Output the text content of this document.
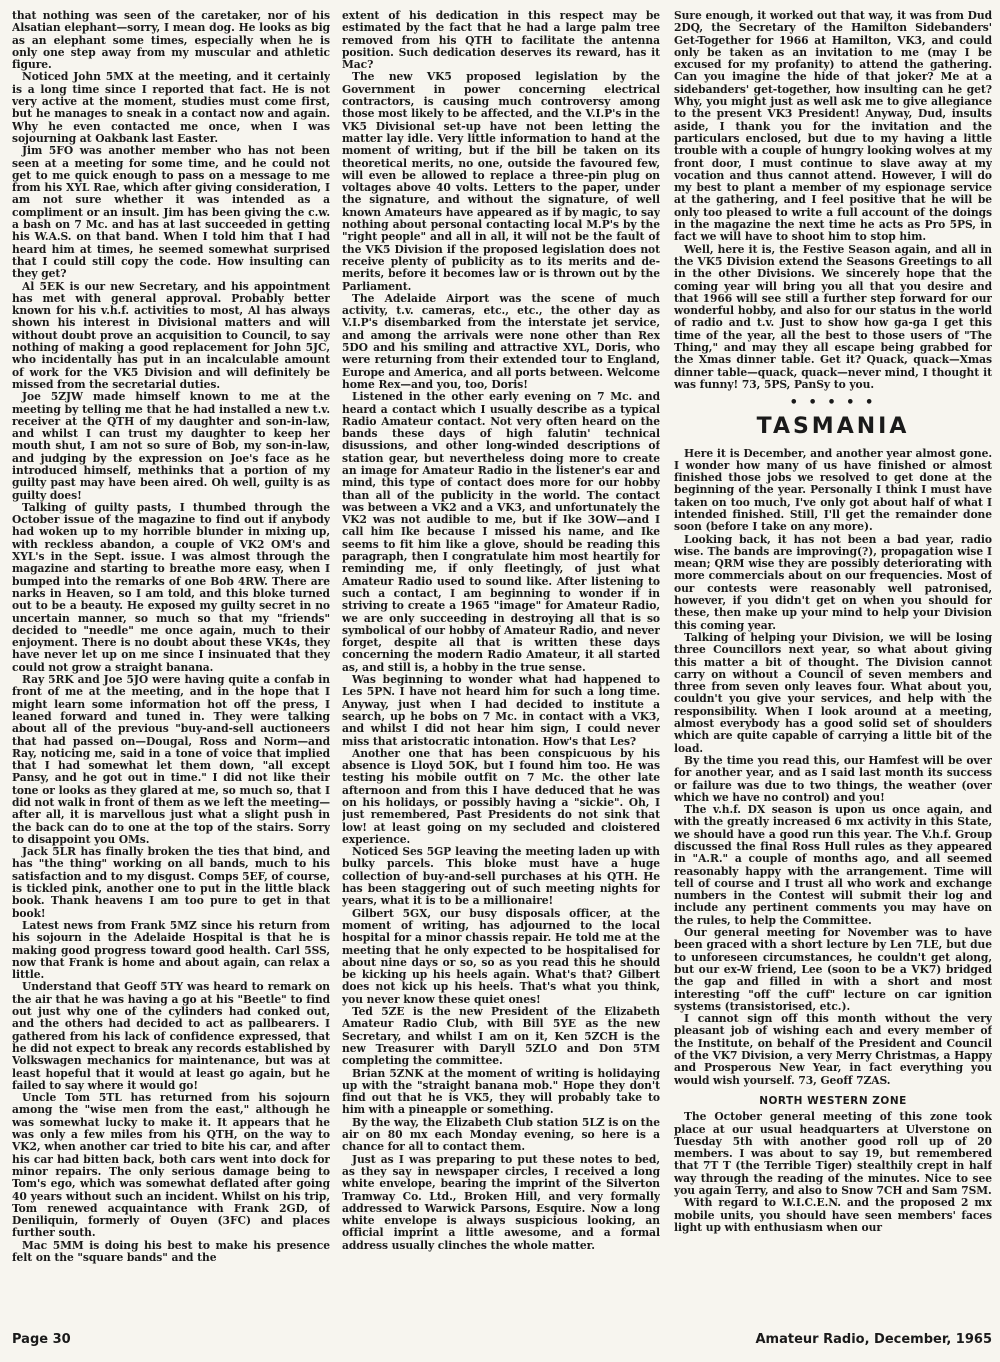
that nothing was seen of the caretaker, nor of his Alsatian elephant—sorry, I mean dog. He looks as big as an elephant some times, especially when he is only one step away from my muscular and athletic figure.

Noticed John 5MX at the meeting, and it certainly is a long time since I reported that fact. He is not very active at the moment, studies must come first, but he manages to sneak in a contact now and again. Why he even contacted me once, when I was sojourning at Oakbank last Easter.

Jim 5FO was another member who has not been seen at a meeting for some time, and he could not get to me quick enough to pass on a message to me from his XYL Rae, which after giving consideration, I am not sure whether it was intended as a compliment or an insult. Jim has been giving the c.w. a bash on 7 Mc. and has at last succeeded in getting his W.A.S. on that band. When I told him that I had heard him at times, he seemed somewhat surprised that I could still copy the code. How insulting can they get?

Al 5EK is our new Secretary, and his appointment has met with general approval. Probably better known for his v.h.f. activities to most, Al has always shown his interest in Divisional matters and will without doubt prove an acquisition to Council, to say nothing of making a good replacement for John 5JC, who incidentally has put in an incalculable amount of work for the VK5 Division and will definitely be missed from the secretarial duties.

Joe 5ZJW made himself known to me at the meeting by telling me that he had installed a new t.v. receiver at the QTH of my daughter and son-in-law, and whilst I can trust my daughter to keep her mouth shut, I am not so sure of Bob, my son-in-law, and judging by the expression on Joe's face as he introduced himself, methinks that a portion of my guilty past may have been aired. Oh well, guilty is as guilty does!

Talking of guilty pasts, I thumbed through the October issue of the magazine to find out if anybody had woken up to my horrible blunder in mixing up, with reckless abandon, a couple of VK2 OM's and XYL's in the Sept. issue. I was almost through the magazine and starting to breathe more easy, when I bumped into the remarks of one Bob 4RW. There are narks in Heaven, so I am told, and this bloke turned out to be a beauty. He exposed my guilty secret in no uncertain manner, so much so that my "friends" decided to "needle" me once again, much to their enjoyment. There is no doubt about these VK4s, they have never let up on me since I insinuated that they could not grow a straight banana.

Ray 5RK and Joe 5JO were having quite a confab in front of me at the meeting, and in the hope that I might learn some information hot off the press, I leaned forward and tuned in. They were talking about all of the previous "buy-and-sell auctioneers that had passed on—Dougal, Ross and Norm—and Ray, noticing me, said in a tone of voice that implied that I had somewhat let them down, "all except Pansy, and he got out in time." I did not like their tone or looks as they glared at me, so much so, that I did not walk in front of them as we left the meeting—after all, it is marvellous just what a slight push in the back can do to one at the top of the stairs. Sorry to disappoint you OMs.

Jack 5LR has finally broken the ties that bind, and has "the thing" working on all bands, much to his satisfaction and to my disgust. Comps 5EF, of course, is tickled pink, another one to put in the little black book. Thank heavens I am too pure to get in that book!

Latest news from Frank 5MZ since his return from his sojourn in the Adelaide Hospital is that he is making good progress toward good health. Carl 5SS, now that Frank is home and about again, can relax a little.

Understand that Geoff 5TY was heard to remark on the air that he was having a go at his "Beetle" to find out just why one of the cylinders had conked out, and the others had decided to act as pallbearers. I gathered from his lack of confidence expressed, that he did not expect to break any records established by Volkswagen mechanics for maintenance, but was at least hopeful that it would at least go again, but he failed to say where it would go!

Uncle Tom 5TL has returned from his sojourn among the "wise men from the east," although he was somewhat lucky to make it. It appears that he was only a few miles from his QTH, on the way to VK2, when another car tried to bite his car, and after his car had bitten back, both cars went into dock for minor repairs. The only serious damage being to Tom's ego, which was somewhat deflated after going 40 years without such an incident. Whilst on his trip, Tom renewed acquaintance with Frank 2GD, of Deniliquin, formerly of Ouyen (3FC) and places further south.

Mac 5MM is doing his best to make his presence felt on the "square bands" and the

extent of his dedication in this respect may be estimated by the fact that he had a large palm tree removed from his QTH to facilitate the antenna position. Such dedication deserves its reward, has it Mac?

The new VK5 proposed legislation by the Government in power concerning electrical contractors, is causing much controversy among those most likely to be affected, and the V.I.P's in the VK5 Divisional set-up have not been letting the matter lay idle. Very little information to hand at the moment of writing, but if the bill be taken on its theoretical merits, no one, outside the favoured few, will even be allowed to replace a three-pin plug on voltages above 40 volts. Letters to the paper, under the signature, and without the signature, of well known Amateurs have appeared as if by magic, to say nothing about personal contacting local M.P's by the "right people" and all in all, it will not be the fault of the VK5 Division if the proposed legislation does not receive plenty of publicity as to its merits and de-merits, before it becomes law or is thrown out by the Parliament.

The Adelaide Airport was the scene of much activity, t.v. cameras, etc., etc., the other day as V.I.P's disembarked from the interstate jet service, and among the arrivals were none other than Rex 5DO and his smiling and attractive XYL, Doris, who were returning from their extended tour to England, Europe and America, and all ports between. Welcome home Rex—and you, too, Doris!

Listened in the other early evening on 7 Mc. and heard a contact which I usually describe as a typical Radio Amateur contact. Not very often heard on the bands these days of high falutin' technical disussions, and other long-winded descriptions of station gear, but nevertheless doing more to create an image for Amateur Radio in the listener's ear and mind, this type of contact does more for our hobby than all of the publicity in the world. The contact was between a VK2 and a VK3, and unfortunately the VK2 was not audible to me, but if Ike 3OW—and I call him Ike because I missed his name, and Ike seems to fit him like a glove, should be reading this paragraph, then I congratulate him most heartily for reminding me, if only fleetingly, of just what Amateur Radio used to sound like. After listening to such a contact, I am beginning to wonder if in striving to create a 1965 "image" for Amateur Radio, we are only succeeding in destroying all that is so symbolical of our hobby of Amateur Radio, and never forget, despite all that is written these days concerning the modern Radio Amateur, it all started as, and still is, a hobby in the true sense.

Was beginning to wonder what had happened to Les 5PN. I have not heard him for such a long time. Anyway, just when I had decided to institute a search, up he bobs on 7 Mc. in contact with a VK3, and whilst I did not hear him sign, I could never miss that aristocratic intonation. How's that Les?

Another one that has been conspicuous by his absence is Lloyd 5OK, but I found him too. He was testing his mobile outfit on 7 Mc. the other late afternoon and from this I have deduced that he was on his holidays, or possibly having a "sickie". Oh, I just remembered, Past Presidents do not sink that low! at least going on my secluded and cloistered experience.

Noticed Ses 5GP leaving the meeting laden up with bulky parcels. This bloke must have a huge collection of buy-and-sell purchases at his QTH. He has been staggering out of such meeting nights for years, what it is to be a millionaire!

Gilbert 5GX, our busy disposals officer, at the moment of writing, has adjourned to the local hospital for a minor chassis repair. He told me at the meeting that he only expected to be hospitalised for about nine days or so, so as you read this he should be kicking up his heels again. What's that? Gilbert does not kick up his heels. That's what you think, you never know these quiet ones!

Ted 5ZE is the new President of the Elizabeth Amateur Radio Club, with Bill 5YE as the new Secretary, and whilst I am on it, Ken 5ZCH is the new Treasurer with Daryll 5ZLO and Don 5TM completing the committee.

Brian 5ZNK at the moment of writing is holidaying up with the "straight banana mob." Hope they don't find out that he is VK5, they will probably take to him with a pineapple or something.

By the way, the Elizabeth Club station 5LZ is on the air on 80 mx each Monday evening, so here is a chance for all to contact them.

Just as I was preparing to put these notes to bed, as they say in newspaper circles, I received a long white envelope, bearing the imprint of the Silverton Tramway Co. Ltd., Broken Hill, and very formally addressed to Warwick Parsons, Esquire. Now a long white envelope is always suspicious looking, an official imprint a little awesome, and a formal address usually clinches the whole matter.

Sure enough, it worked out that way, it was from Dud 2DQ, the Secretary of the Hamilton Sidebanders' Get-Together for 1966 at Hamilton, VK3, and could only be taken as an invitation to me (may I be excused for my profanity) to attend the gathering. Can you imagine the hide of that joker? Me at a sidebanders' get-together, how insulting can he get? Why, you might just as well ask me to give allegiance to the present VK3 President! Anyway, Dud, insults aside, I thank you for the invitation and the particulars enclosed, but due to my having a little trouble with a couple of hungry looking wolves at my front door, I must continue to slave away at my vocation and thus cannot attend. However, I will do my best to plant a member of my espionage service at the gathering, and I feel positive that he will be only too pleased to write a full account of the doings in the magazine the next time he acts as Pro 5PS, in fact we will have to shoot him to stop him.

Well, here it is, the Festive Season again, and all in the VK5 Division extend the Seasons Greetings to all in the other Divisions. We sincerely hope that the coming year will bring you all that you desire and that 1966 will see still a further step forward for our wonderful hobby, and also for our status in the world of radio and t.v. Just to show how ga-ga I get this time of the year, all the best to those users of "The Thing," and may they all escape being grabbed for the Xmas dinner table. Get it? Quack, quack—Xmas dinner table—quack, quack—never mind, I thought it was funny! 73, 5PS, PanSy to you.

• • • • •
TASMANIA

Here it is December, and another year almost gone. I wonder how many of us have finished or almost finished those jobs we resolved to get done at the beginning of the year. Personally I think I must have taken on too much, I've only got about half of what I intended finished. Still, I'll get the remainder done soon (before I take on any more).

Looking back, it has not been a bad year, radio wise. The bands are improving(?), propagation wise I mean; QRM wise they are possibly deteriorating with more commercials about on our frequencies. Most of our contests were reasonably well patronised, however, if you didn't get on when you should for these, then make up your mind to help your Division this coming year.

Talking of helping your Division, we will be losing three Councillors next year, so what about giving this matter a bit of thought. The Division cannot carry on without a Council of seven members and three from seven only leaves four. What about you, couldn't you give your services, and help with the responsibility. When I look around at a meeting, almost everybody has a good solid set of shoulders which are quite capable of carrying a little bit of the load.

By the time you read this, our Hamfest will be over for another year, and as I said last month its success or failure was due to two things, the weather (over which we have no control) and you!

The v.h.f. DX season is upon us once again, and with the greatly increased 6 mx activity in this State, we should have a good run this year. The V.h.f. Group discussed the final Ross Hull rules as they appeared in "A.R." a couple of months ago, and all seemed reasonably happy with the arrangement. Time will tell of course and I trust all who work and exchange numbers in the Contest will submit their log and include any pertinent comments you may have on the rules, to help the Committee.

Our general meeting for November was to have been graced with a short lecture by Len 7LE, but due to unforeseen circumstances, he couldn't get along, but our ex-W friend, Lee (soon to be a VK7) bridged the gap and filled in with a short and most interesting "off the cuff" lecture on car ignition systems (transistorised, etc.).

I cannot sign off this month without the very pleasant job of wishing each and every member of the Institute, on behalf of the President and Council of the VK7 Division, a very Merry Christmas, a Happy and Prosperous New Year, in fact everything you would wish yourself. 73, Geoff 7ZAS.

NORTH WESTERN ZONE

The October general meeting of this zone took place at our usual headquarters at Ulverstone on Tuesday 5th with another good roll up of 20 members. I was about to say 19, but remembered that 7T T (the Terrible Tiger) stealthily crept in half way through the reading of the minutes. Nice to see you again Terry, and also to Snow 7CH and Sam 7SM.

With regard to W.I.C.E.N. and the proposed 2 mx mobile units, you should have seen members' faces light up with enthusiasm when our

Page 30	Amateur Radio, December, 1965
